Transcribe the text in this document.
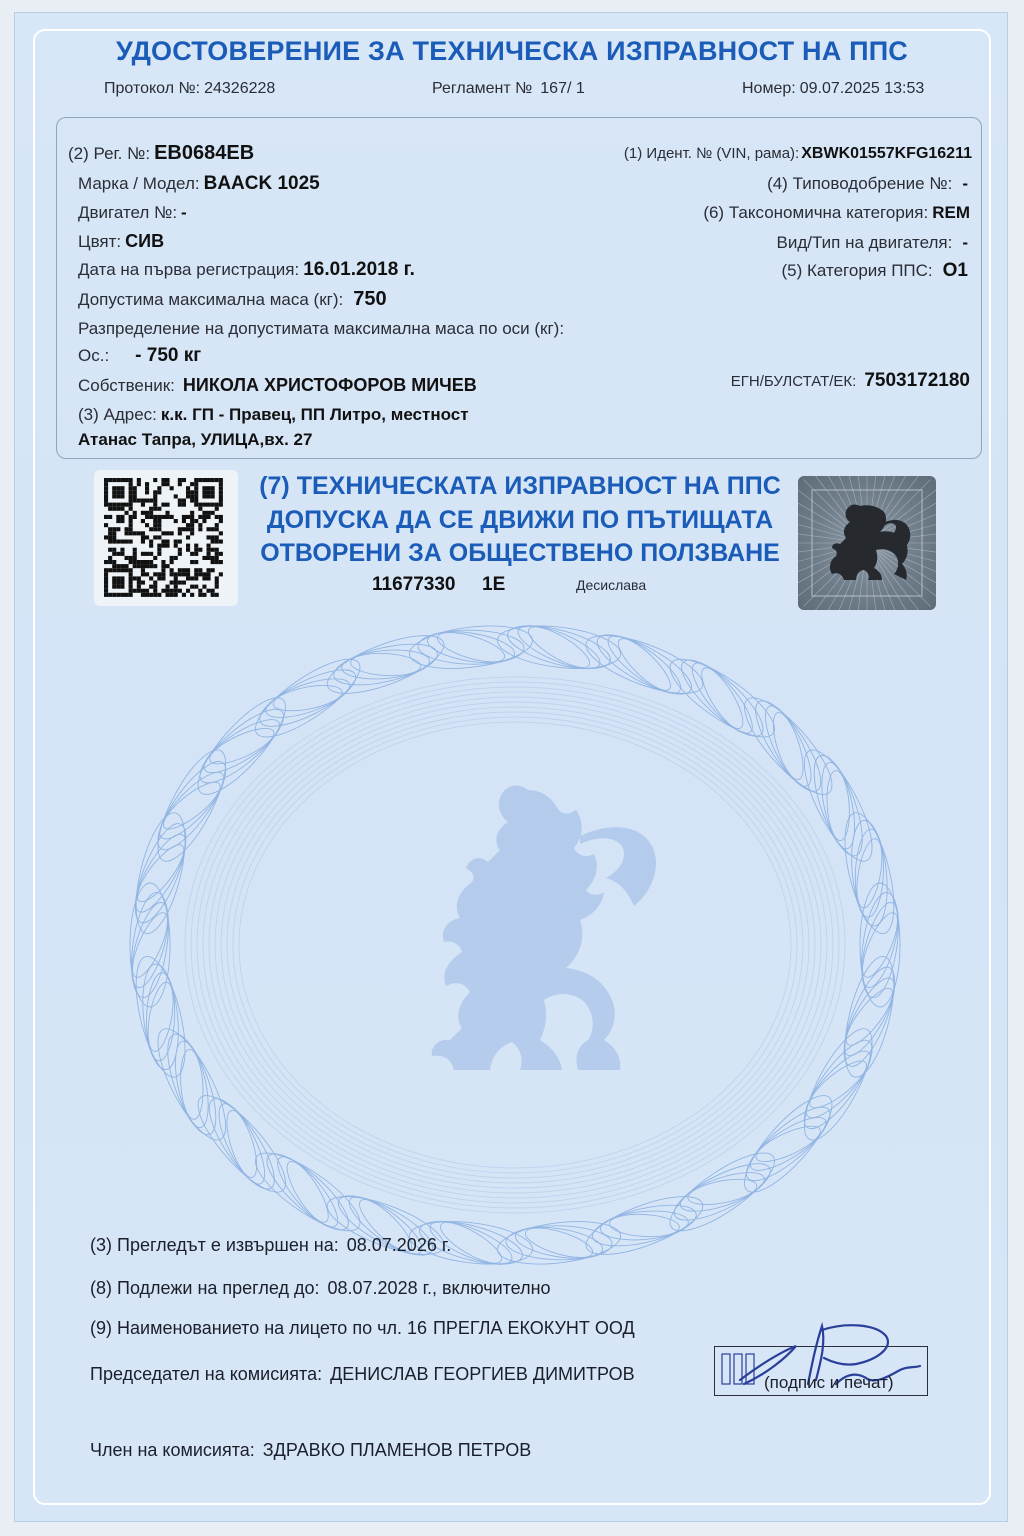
УДОСТОВЕРЕНИЕ ЗА ТЕХНИЧЕСКА ИЗПРАВНОСТ НА ППС
Протокол №: 24326228	Регламент № 167/ 1	Номер: 09.07.2025 13:53
(2) Рег. №: ЕВ0684ЕВ
Марка / Модел: BAACK 1025
Двигател №: -
Цвят: СИВ
Дата на първа регистрация: 16.01.2018 г.
Допустима максимална маса (кг): 750
Разпределение на допустимата максимална маса по оси (кг):
Ос.: - 750 кг
Собственик: НИКОЛА ХРИСТОФОРОВ МИЧЕВ
(3) Адрес: к.к. ГП - Правец, ПП Литро, местност
Атанас Тапра, УЛИЦА,вх. 27
(1) Идент. № (VIN, рама): XBWK01557KFG16211
(4) Типоводобрение №: -
(6) Таксономична категория: REM
Вид/Тип на двигателя: -
(5) Категория ППС: O1
ЕГН/БУЛСТАТ/ЕК: 7503172180
(7) ТЕХНИЧЕСКАТА ИЗПРАВНОСТ НА ППС
ДОПУСКА ДА СЕ ДВИЖИ ПО ПЪТИЩАТА
ОТВОРЕНИ ЗА ОБЩЕСТВЕНО ПОЛЗВАНЕ
11677330 1E	Десислава
(3) Прегледът е извършен на: 08.07.2026 г.
(8) Подлежи на преглед до: 08.07.2028 г., включително
(9) Наименованието на лицето по чл. 16 ПРЕГЛА ЕКОКУНТ ООД
Председател на комисията: ДЕНИСЛАВ ГЕОРГИЕВ ДИМИТРОВ
Член на комисията: ЗДРАВКО ПЛАМЕНОВ ПЕТРОВ
(подпис и печат)
